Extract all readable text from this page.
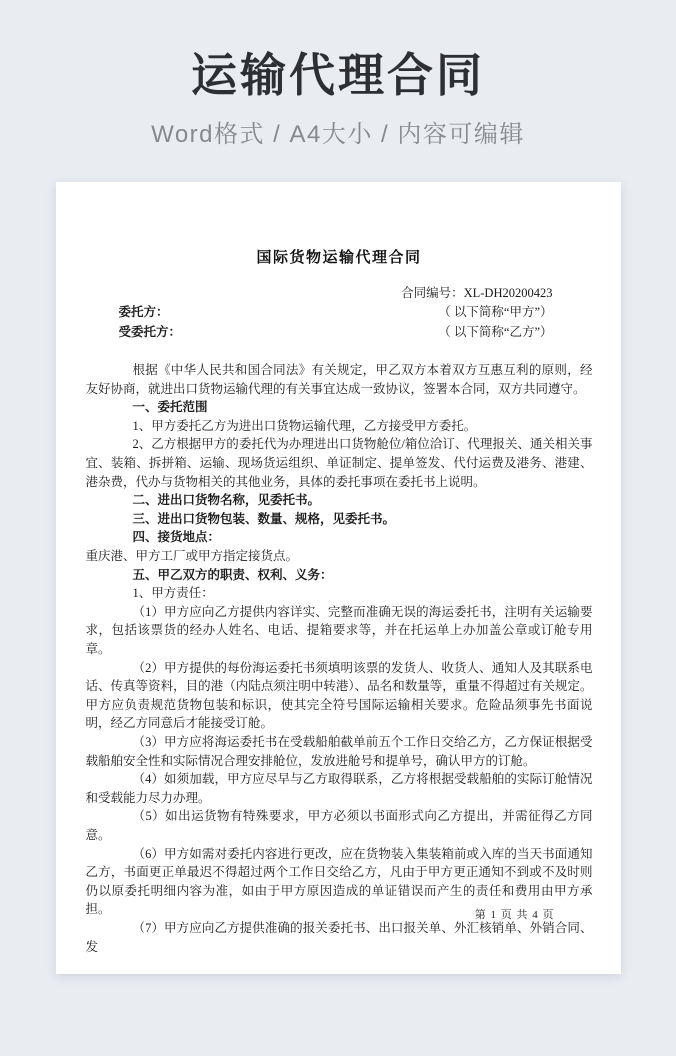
运输代理合同
Word格式 / A4大小 / 内容可编辑
国际货物运输代理合同
合同编号：XL-DH20200423
委托方：	（ 以下简称“甲方”）
受委托方：	（ 以下简称“乙方”）

根据《中华人民共和国合同法》有关规定，甲乙双方本着双方互惠互利的原则，经友好协商，就进出口货物运输代理的有关事宜达成一致协议，签署本合同，双方共同遵守。

一、委托范围

1、甲方委托乙方为进出口货物运输代理，乙方接受甲方委托。

2、乙方根据甲方的委托代为办理进出口货物舱位/箱位洽订、代理报关、通关相关事宜、装箱、拆拼箱、运输、现场货运组织、单证制定、提单签发、代付运费及港务、港建、港杂费，代办与货物相关的其他业务，具体的委托事项在委托书上说明。

二、进出口货物名称，见委托书。

三、进出口货物包装、数量、规格，见委托书。

四、接货地点：

重庆港、甲方工厂或甲方指定接货点。

五、甲乙双方的职责、权利、义务：

1、甲方责任：

（1）甲方应向乙方提供内容详实、完整而准确无误的海运委托书，注明有关运输要求，包括该票货的经办人姓名、电话、提箱要求等，并在托运单上办加盖公章或订舱专用章。

（2）甲方提供的每份海运委托书须填明该票的发货人、收货人、通知人及其联系电话、传真等资料，目的港（内陆点须注明中转港）、品名和数量等，重量不得超过有关规定。甲方应负责规范货物包装和标识，使其完全符号国际运输相关要求。危险品须事先书面说明，经乙方同意后才能接受订舱。

（3）甲方应将海运委托书在受载船舶截单前五个工作日交给乙方，乙方保证根据受载船舶安全性和实际情况合理安排舱位，发放进舱号和提单号，确认甲方的订舱。

（4）如须加载，甲方应尽早与乙方取得联系，乙方将根据受载船舶的实际订舱情况和受载能力尽力办理。

（5）如出运货物有特殊要求，甲方必须以书面形式向乙方提出，并需征得乙方同意。

（6）甲方如需对委托内容进行更改，应在货物装入集装箱前或入库的当天书面通知乙方，书面更正单最迟不得超过两个工作日交给乙方，凡由于甲方更正通知不到或不及时则仍以原委托明细内容为准，如由于甲方原因造成的单证错误而产生的责任和费用由甲方承担。

（7）甲方应向乙方提供准确的报关委托书、出口报关单、外汇核销单、外销合同、发

第 1 页 共 4 页
